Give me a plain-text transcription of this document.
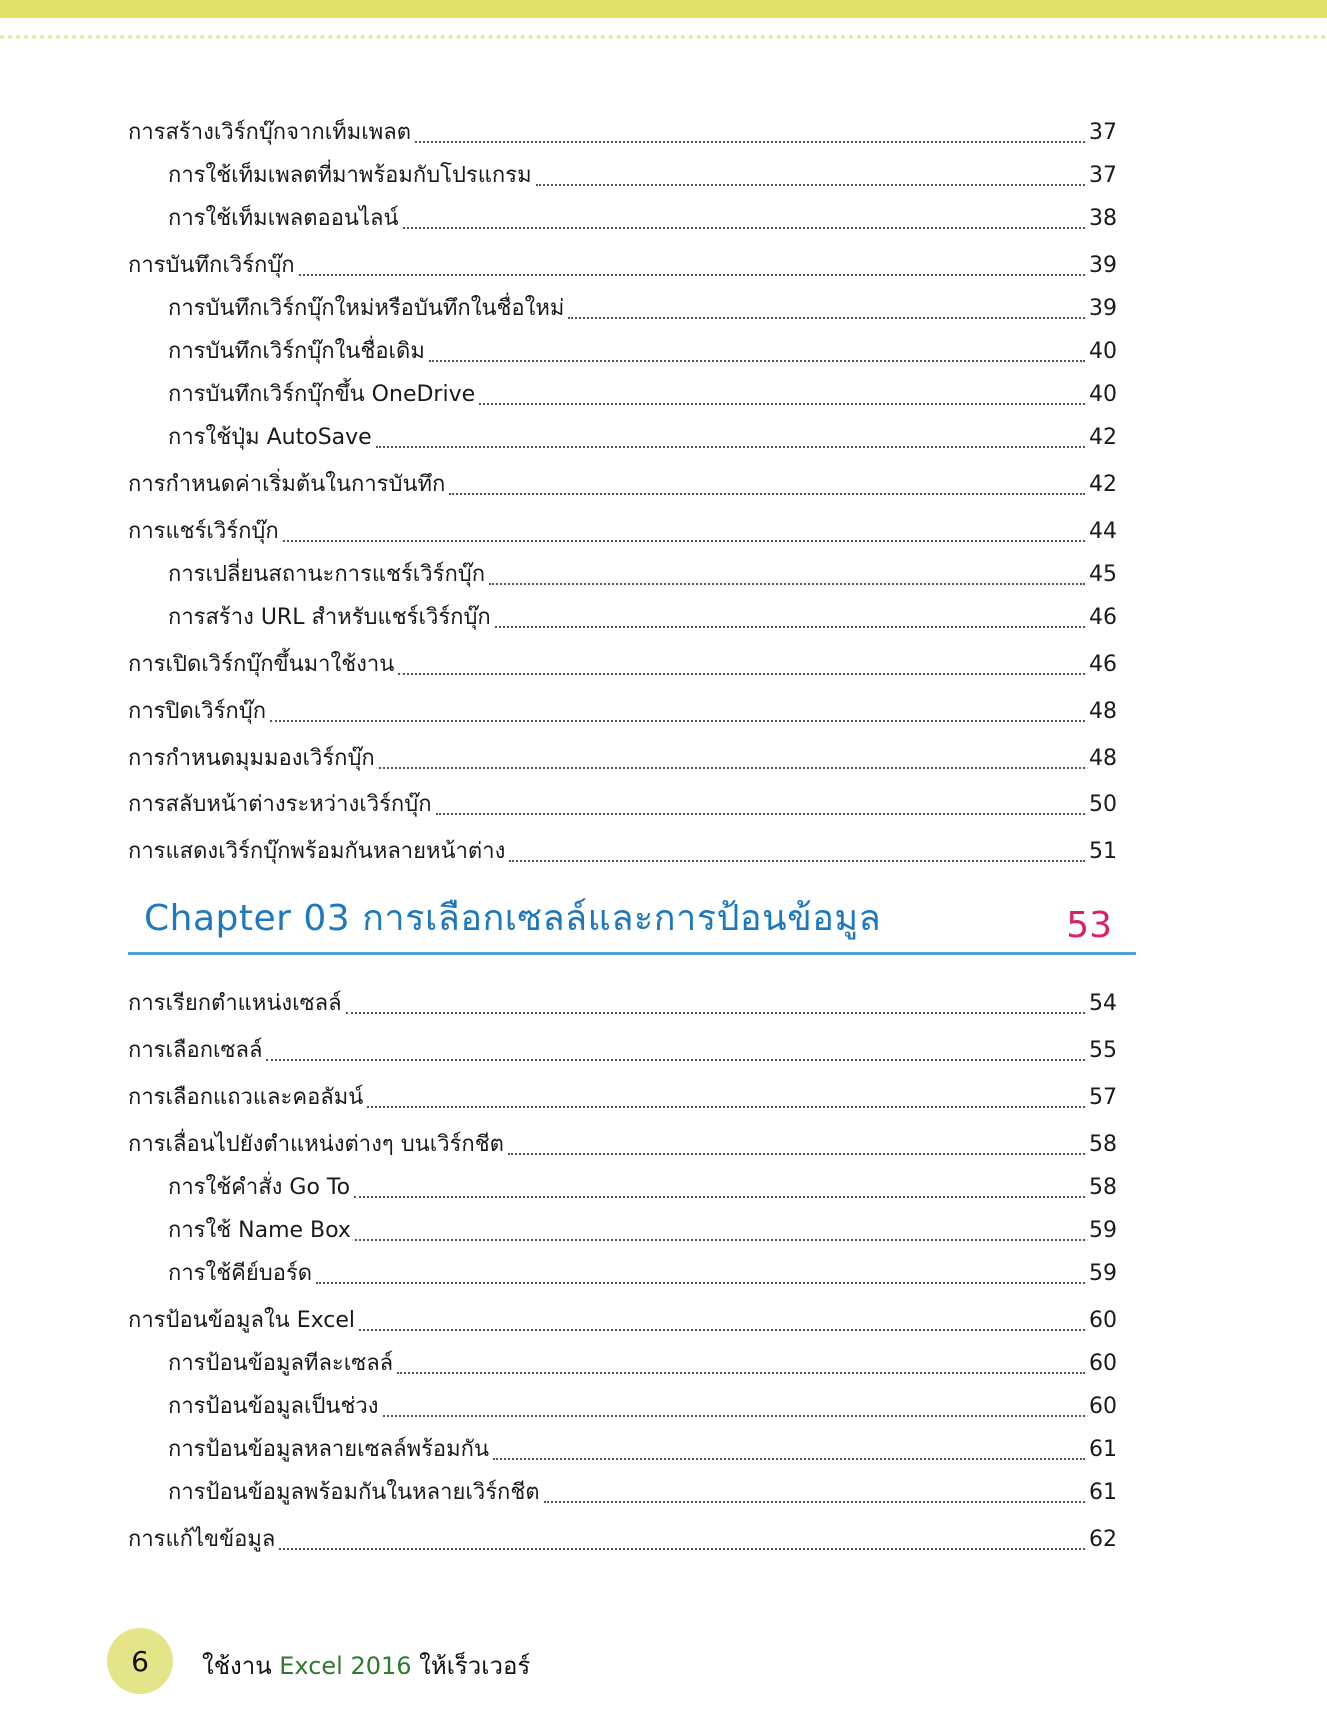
การสร้างเวิร์กบุ๊กจากเท็มเพลต	37
การใช้เท็มเพลตที่มาพร้อมกับโปรแกรม	37
การใช้เท็มเพลตออนไลน์	38
การบันทึกเวิร์กบุ๊ก	39
การบันทึกเวิร์กบุ๊กใหม่หรือบันทึกในชื่อใหม่	39
การบันทึกเวิร์กบุ๊กในชื่อเดิม	40
การบันทึกเวิร์กบุ๊กขึ้น OneDrive	40
การใช้ปุ่ม AutoSave	42
การกำหนดค่าเริ่มต้นในการบันทึก	42
การแชร์เวิร์กบุ๊ก	44
การเปลี่ยนสถานะการแชร์เวิร์กบุ๊ก	45
การสร้าง URL สำหรับแชร์เวิร์กบุ๊ก	46
การเปิดเวิร์กบุ๊กขึ้นมาใช้งาน	46
การปิดเวิร์กบุ๊ก	48
การกำหนดมุมมองเวิร์กบุ๊ก	48
การสลับหน้าต่างระหว่างเวิร์กบุ๊ก	50
การแสดงเวิร์กบุ๊กพร้อมกันหลายหน้าต่าง	51
Chapter 03 การเลือกเซลล์และการป้อนข้อมูล	53
การเรียกตำแหน่งเซลล์	54
การเลือกเซลล์	55
การเลือกแถวและคอลัมน์	57
การเลื่อนไปยังตำแหน่งต่างๆ บนเวิร์กชีต	58
การใช้คำสั่ง Go To	58
การใช้ Name Box	59
การใช้คีย์บอร์ด	59
การป้อนข้อมูลใน Excel	60
การป้อนข้อมูลทีละเซลล์	60
การป้อนข้อมูลเป็นช่วง	60
การป้อนข้อมูลหลายเซลล์พร้อมกัน	61
การป้อนข้อมูลพร้อมกันในหลายเวิร์กชีต	61
การแก้ไขข้อมูล	62
6 ใช้งาน Excel 2016 ให้เร็วเวอร์
